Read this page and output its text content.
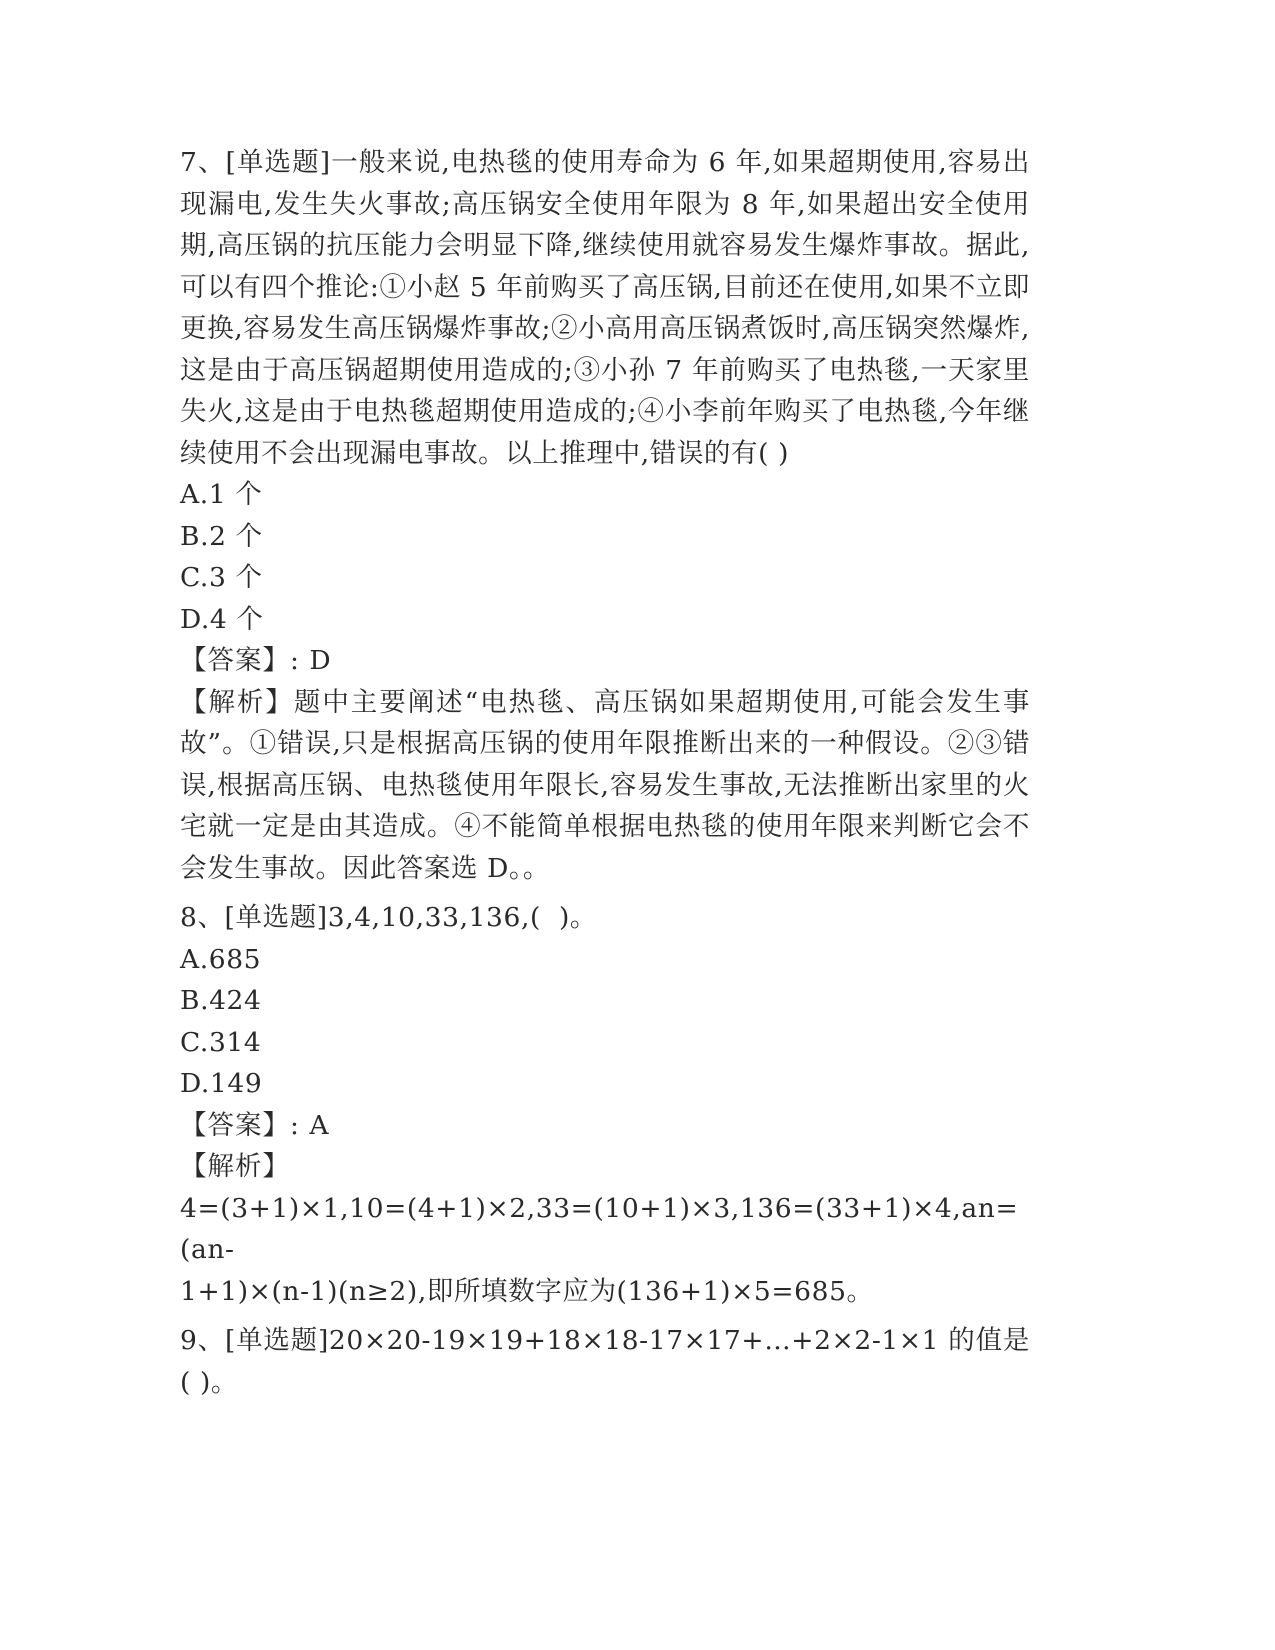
7、[单选题]一般来说,电热毯的使用寿命为 6 年,如果超期使用,容易出现漏电,发生失火事故;高压锅安全使用年限为 8 年,如果超出安全使用期,高压锅的抗压能力会明显下降,继续使用就容易发生爆炸事故。据此,可以有四个推论:①小赵 5 年前购买了高压锅,目前还在使用,如果不立即更换,容易发生高压锅爆炸事故;②小高用高压锅煮饭时,高压锅突然爆炸,这是由于高压锅超期使用造成的;③小孙 7 年前购买了电热毯,一天家里失火,这是由于电热毯超期使用造成的;④小李前年购买了电热毯,今年继续使用不会出现漏电事故。以上推理中,错误的有( )

A.1 个

B.2 个

C.3 个

D.4 个

【答案】: D

【解析】题中主要阐述“电热毯、高压锅如果超期使用,可能会发生事故”。①错误,只是根据高压锅的使用年限推断出来的一种假设。②③错误,根据高压锅、电热毯使用年限长,容易发生事故,无法推断出家里的火宅就一定是由其造成。④不能简单根据电热毯的使用年限来判断它会不会发生事故。因此答案选 D。。

8、[单选题]3,4,10,33,136,(  )。

A.685

B.424

C.314

D.149

【答案】: A

【解析】

4=(3+1)×1,10=(4+1)×2,33=(10+1)×3,136=(33+1)×4,an=(an-

1+1)×(n-1)(n≥2),即所填数字应为(136+1)×5=685。

9、[单选题]20×20-19×19+18×18-17×17+…+2×2-1×1 的值是( )。
